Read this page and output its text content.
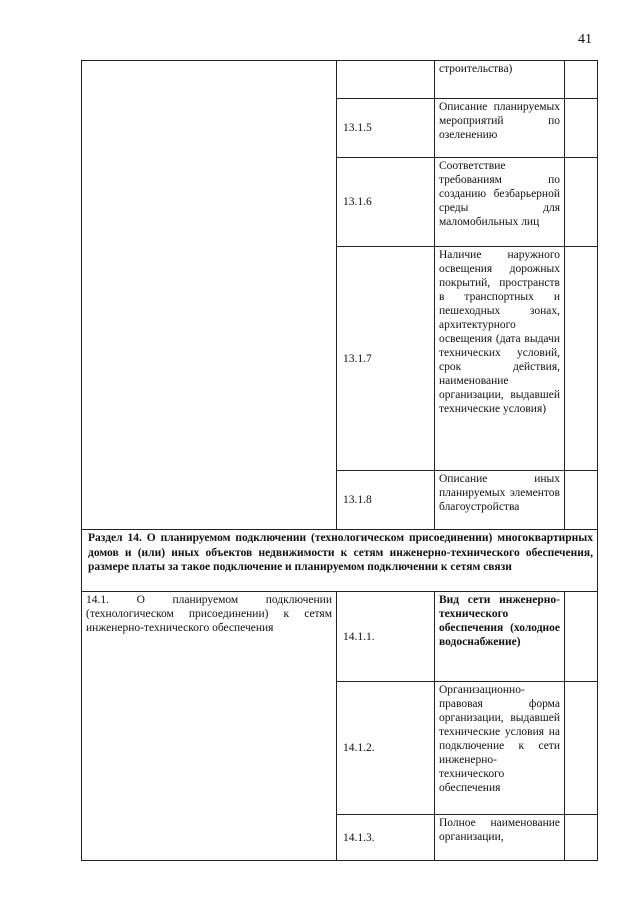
41

		строительства)	

	13.1.5	Описание планируемых мероприятий по озеленению	

	13.1.6	Соответствие требованиям по созданию безбарьерной среды для маломобильных лиц	

	13.1.7	Наличие наружного освещения дорожных покрытий, пространств в транспортных и пешеходных зонах, архитектурного освещения (дата выдачи технических условий, срок действия, наименование организации, выдавшей технические условия)	

	13.1.8	Описание иных планируемых элементов благоустройства	

Раздел 14. О планируемом подключении (технологическом присоединении) многоквартирных домов и (или) иных объектов недвижимости к сетям инженерно-технического обеспечения, размере платы за такое подключение и планируемом подключении к сетям связи			
14.1. О планируемом подключении (технологическом присоединении) к сетям инженерно-технического обеспечения	14.1.1.	Вид сети инженерно-технического обеспечения (холодное водоснабжение)	

	14.1.2.	Организационно-правовая форма организации, выдавшей технические условия на подключение к сети инженерно-технического обеспечения	

	14.1.3.	Полное наименование организации,	
